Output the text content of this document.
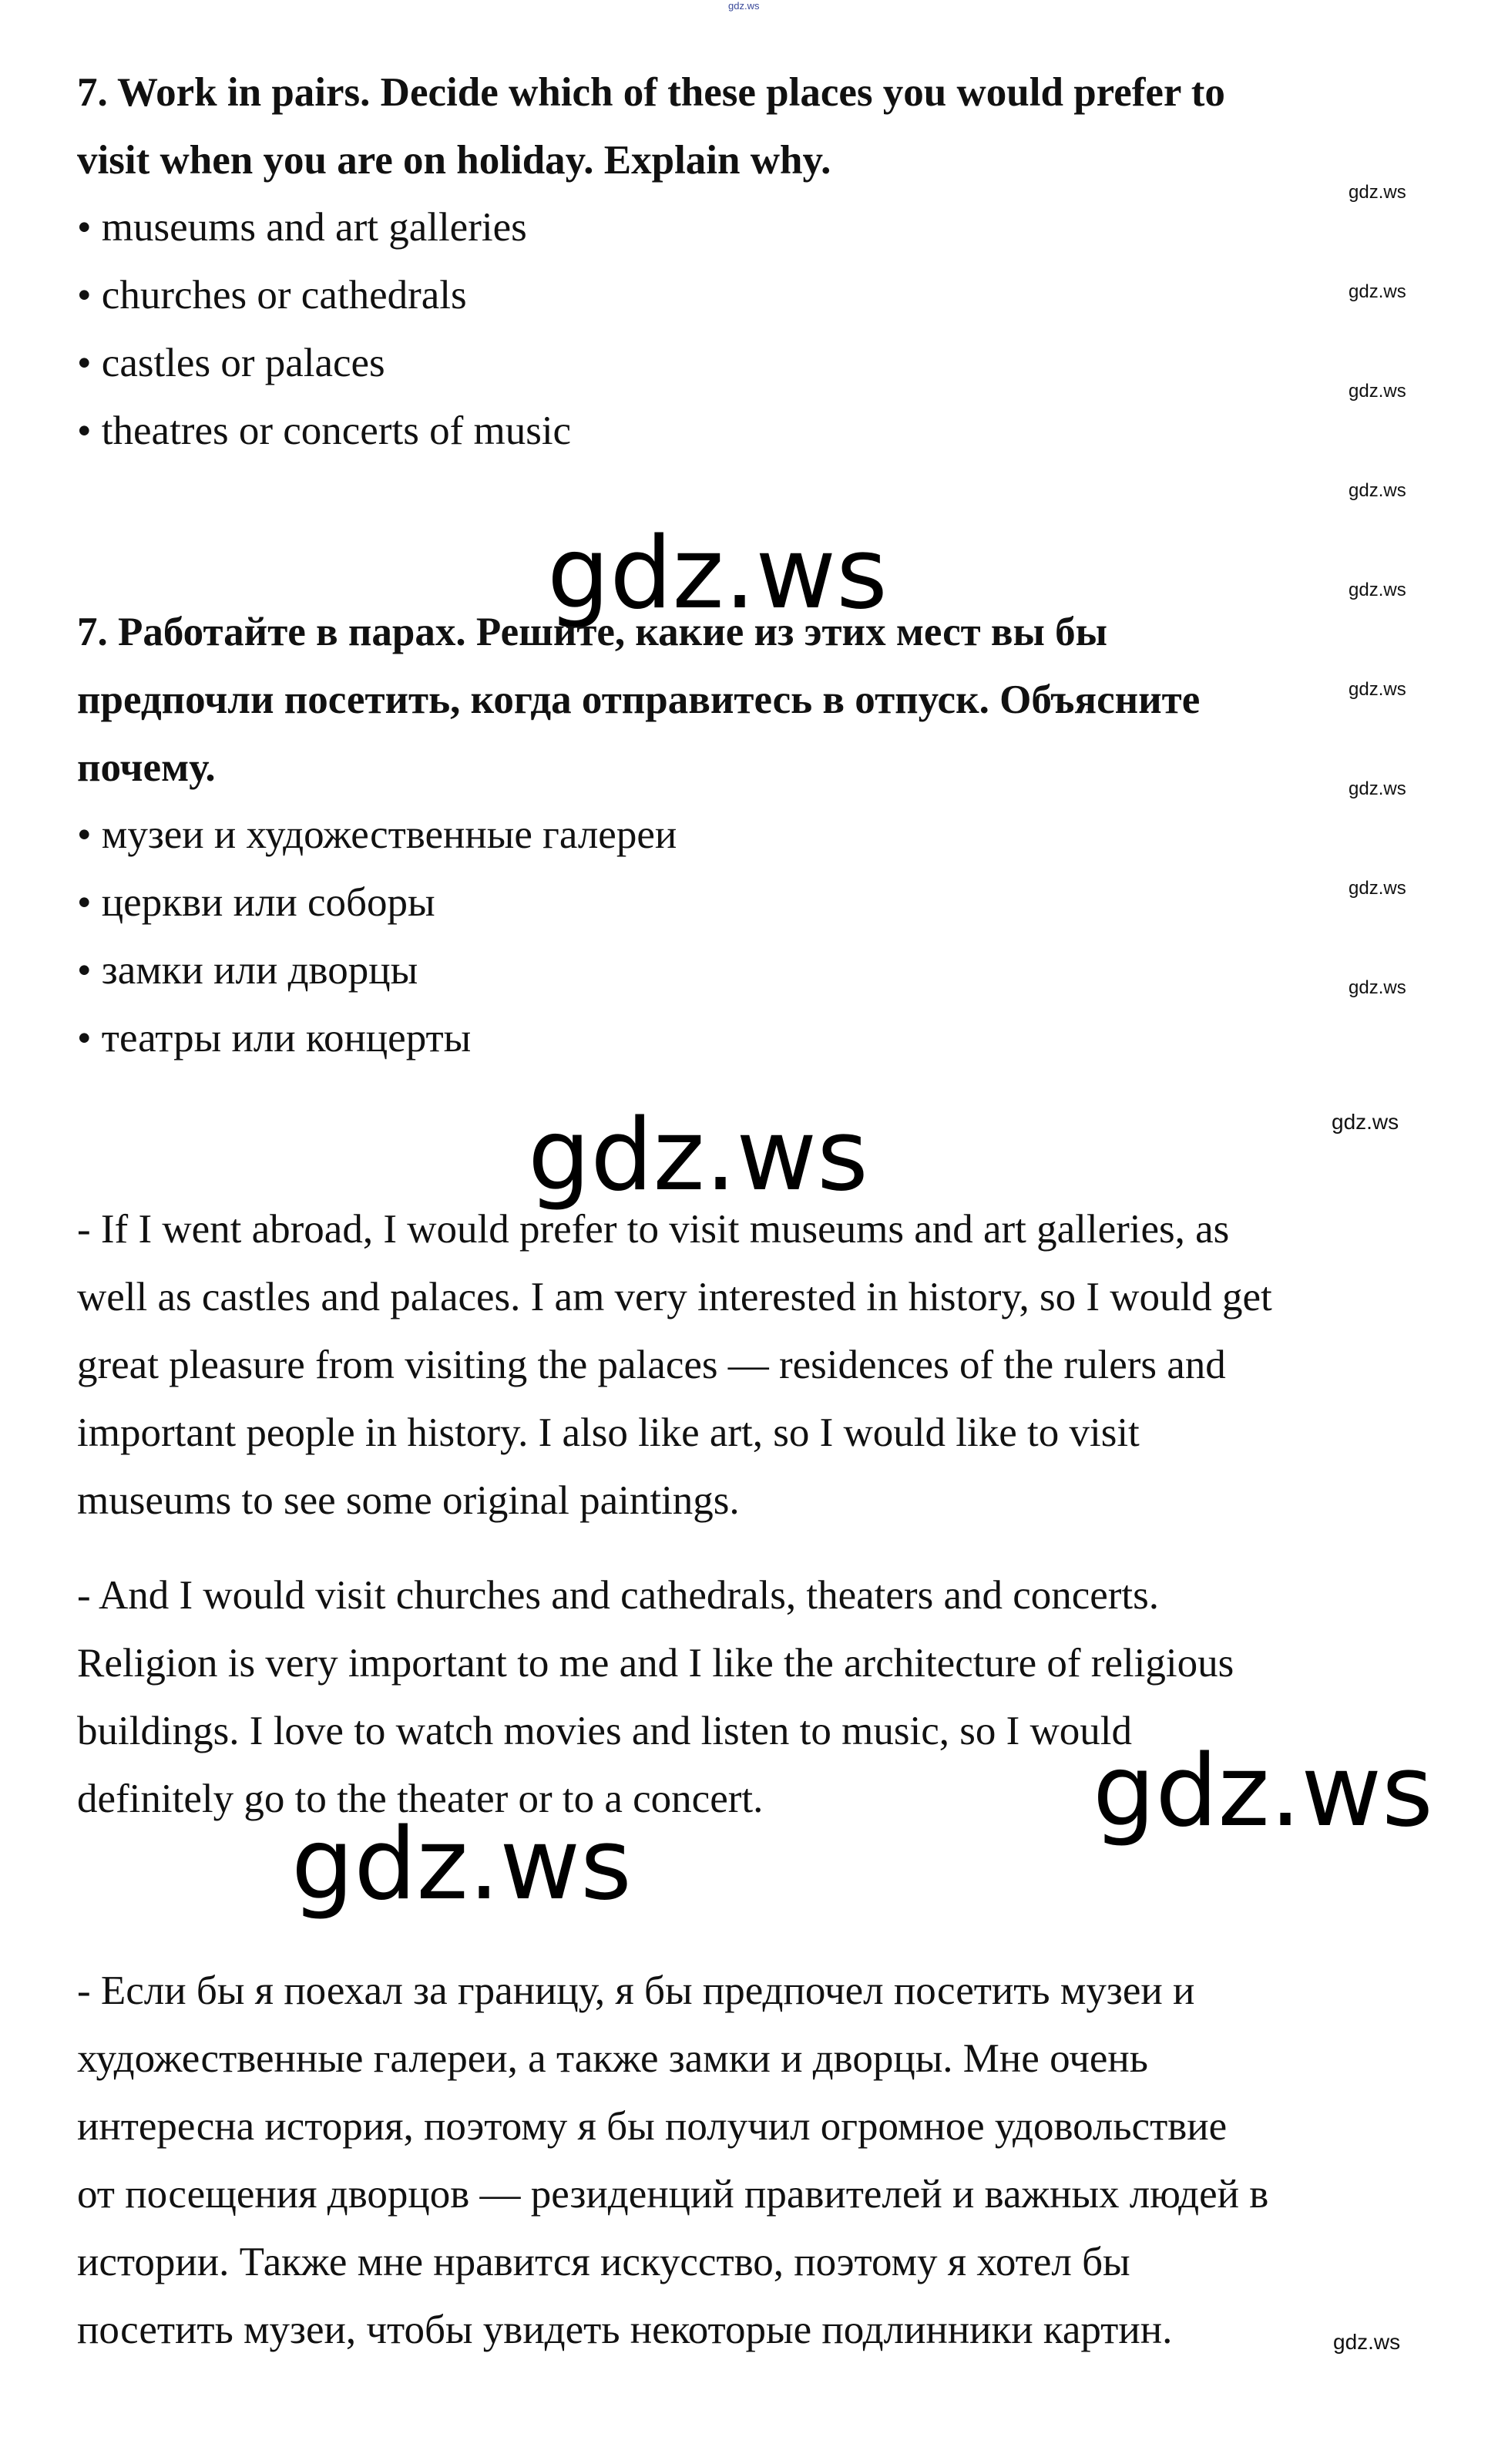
gdz.ws
7. Work in pairs. Decide which of these places you would prefer to
visit when you are on holiday. Explain why.
• museums and art galleries
• churches or cathedrals
• castles or palaces
• theatres or concerts of music
gdz.ws
7. Работайте в парах. Решите, какие из этих мест вы бы
предпочли посетить, когда отправитесь в отпуск. Объясните
почему.
• музеи и художественные галереи
• церкви или соборы
• замки или дворцы
• театры или концерты
gdz.ws
- If I went abroad, I would prefer to visit museums and art galleries, as
well as castles and palaces. I am very interested in history, so I would get
great pleasure from visiting the palaces — residences of the rulers and
important people in history. I also like art, so I would like to visit
museums to see some original paintings.
- And I would visit churches and cathedrals, theaters and concerts.
Religion is very important to me and I like the architecture of religious
buildings. I love to watch movies and listen to music, so I would
definitely go to the theater or to a concert.	gdz.ws
gdz.ws
- Если бы я поехал за границу, я бы предпочел посетить музеи и
художественные галереи, а также замки и дворцы. Мне очень
интересна история, поэтому я бы получил огромное удовольствие
от посещения дворцов — резиденций правителей и важных людей в
истории. Также мне нравится искусство, поэтому я хотел бы
посетить музеи, чтобы увидеть некоторые подлинники картин.
gdz.ws
gdz.ws
gdz.ws
gdz.ws
gdz.ws
gdz.ws
gdz.ws
gdz.ws
gdz.ws
gdz.ws
gdz.ws
